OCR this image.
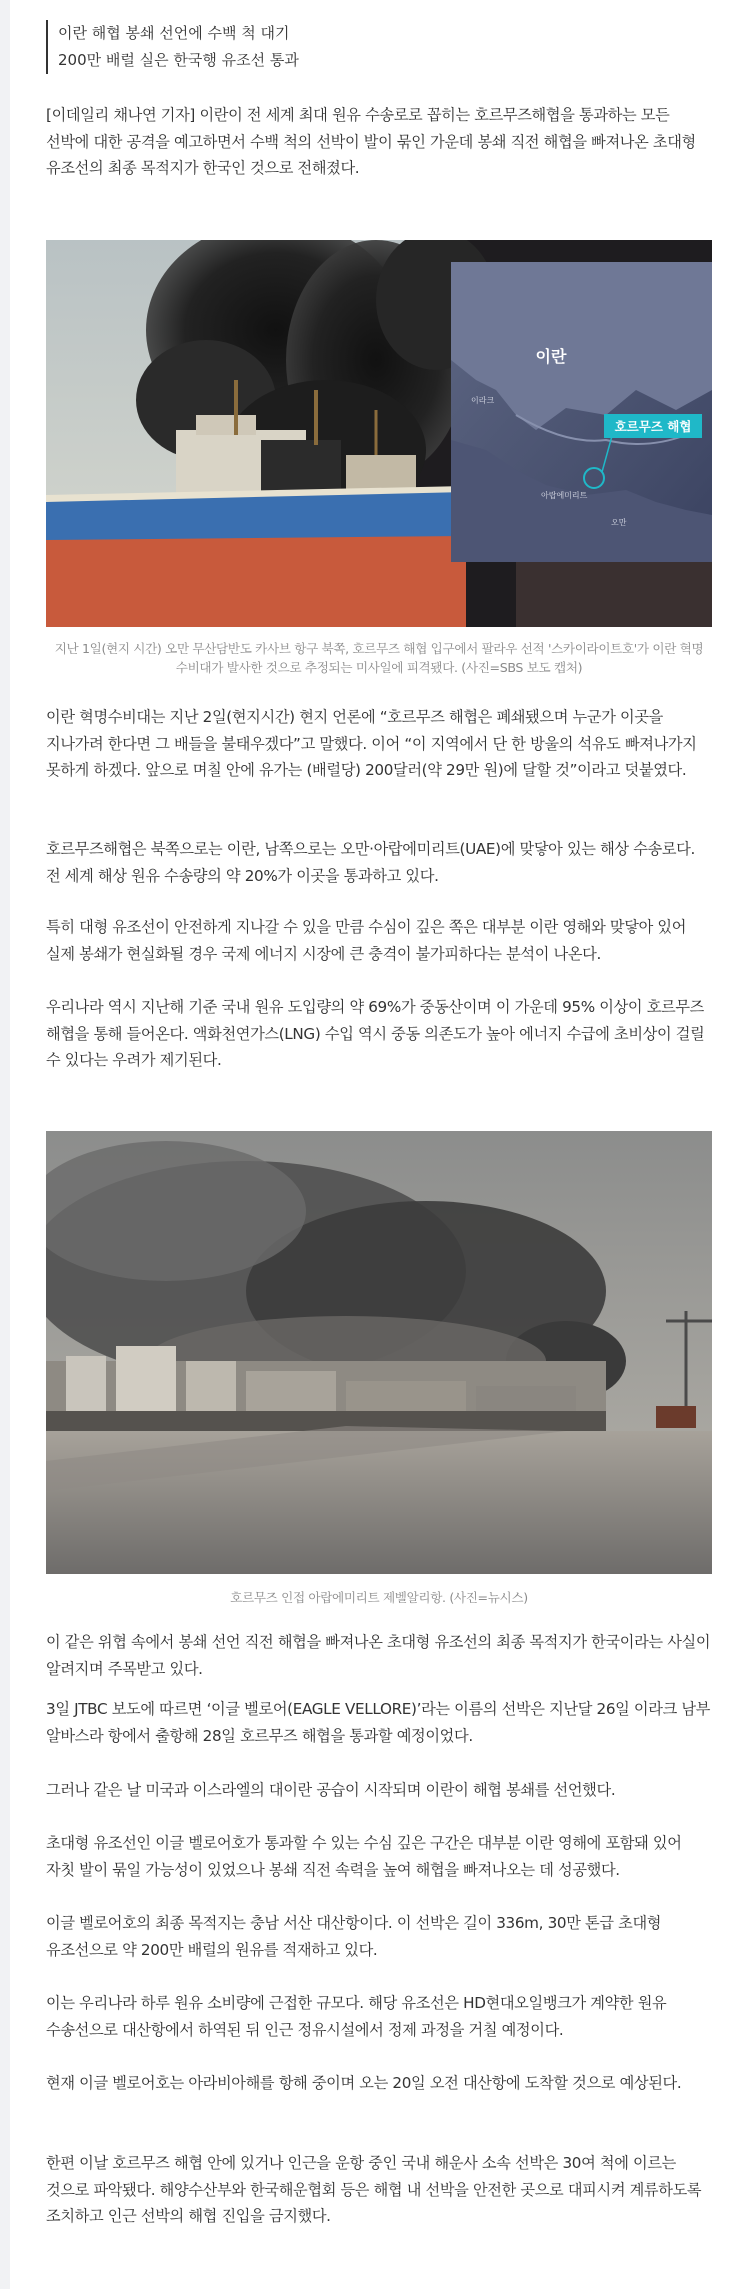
이란 해협 봉쇄 선언에 수백 척 대기

200만 배럴 실은 한국행 유조선 통과

[이데일리 채나연 기자] 이란이 전 세계 최대 원유 수송로로 꼽히는 호르무즈해협을 통과하는 모든 선박에 대한 공격을 예고하면서 수백 척의 선박이 발이 묶인 가운데 봉쇄 직전 해협을 빠져나온 초대형 유조선의 최종 목적지가 한국인 것으로 전해졌다.

호르무즈 해협
이란
이라크
아랍에미리트
오만

지난 1일(현지 시간) 오만 무산담반도 카사브 항구 북쪽, 호르무즈 해협 입구에서 팔라우 선적 '스카이라이트호'가 이란 혁명수비대가 발사한 것으로 추정되는 미사일에 피격됐다. (사진=SBS 보도 캡처)

이란 혁명수비대는 지난 2일(현지시간) 현지 언론에 “호르무즈 해협은 폐쇄됐으며 누군가 이곳을 지나가려 한다면 그 배들을 불태우겠다”고 말했다. 이어 “이 지역에서 단 한 방울의 석유도 빠져나가지 못하게 하겠다. 앞으로 며칠 안에 유가는 (배럴당) 200달러(약 29만 원)에 달할 것”이라고 덧붙였다.

호르무즈해협은 북쪽으로는 이란, 남쪽으로는 오만·아랍에미리트(UAE)에 맞닿아 있는 해상 수송로다. 전 세계 해상 원유 수송량의 약 20%가 이곳을 통과하고 있다.

특히 대형 유조선이 안전하게 지나갈 수 있을 만큼 수심이 깊은 쪽은 대부분 이란 영해와 맞닿아 있어 실제 봉쇄가 현실화될 경우 국제 에너지 시장에 큰 충격이 불가피하다는 분석이 나온다.

우리나라 역시 지난해 기준 국내 원유 도입량의 약 69%가 중동산이며 이 가운데 95% 이상이 호르무즈 해협을 통해 들어온다. 액화천연가스(LNG) 수입 역시 중동 의존도가 높아 에너지 수급에 초비상이 걸릴 수 있다는 우려가 제기된다.

호르무즈 인접 아랍에미리트 제벨알리항. (사진=뉴시스)

이 같은 위협 속에서 봉쇄 선언 직전 해협을 빠져나온 초대형 유조선의 최종 목적지가 한국이라는 사실이 알려지며 주목받고 있다.

3일 JTBC 보도에 따르면 ‘이글 벨로어(EAGLE VELLORE)’라는 이름의 선박은 지난달 26일 이라크 남부 알바스라 항에서 출항해 28일 호르무즈 해협을 통과할 예정이었다.

그러나 같은 날 미국과 이스라엘의 대이란 공습이 시작되며 이란이 해협 봉쇄를 선언했다.

초대형 유조선인 이글 벨로어호가 통과할 수 있는 수심 깊은 구간은 대부분 이란 영해에 포함돼 있어 자칫 발이 묶일 가능성이 있었으나 봉쇄 직전 속력을 높여 해협을 빠져나오는 데 성공했다.

이글 벨로어호의 최종 목적지는 충남 서산 대산항이다. 이 선박은 길이 336m, 30만 톤급 초대형 유조선으로 약 200만 배럴의 원유를 적재하고 있다.

이는 우리나라 하루 원유 소비량에 근접한 규모다. 해당 유조선은 HD현대오일뱅크가 계약한 원유 수송선으로 대산항에서 하역된 뒤 인근 정유시설에서 정제 과정을 거칠 예정이다.

현재 이글 벨로어호는 아라비아해를 항해 중이며 오는 20일 오전 대산항에 도착할 것으로 예상된다.

한편 이날 호르무즈 해협 안에 있거나 인근을 운항 중인 국내 해운사 소속 선박은 30여 척에 이르는 것으로 파악됐다. 해양수산부와 한국해운협회 등은 해협 내 선박을 안전한 곳으로 대피시켜 계류하도록 조치하고 인근 선박의 해협 진입을 금지했다.
